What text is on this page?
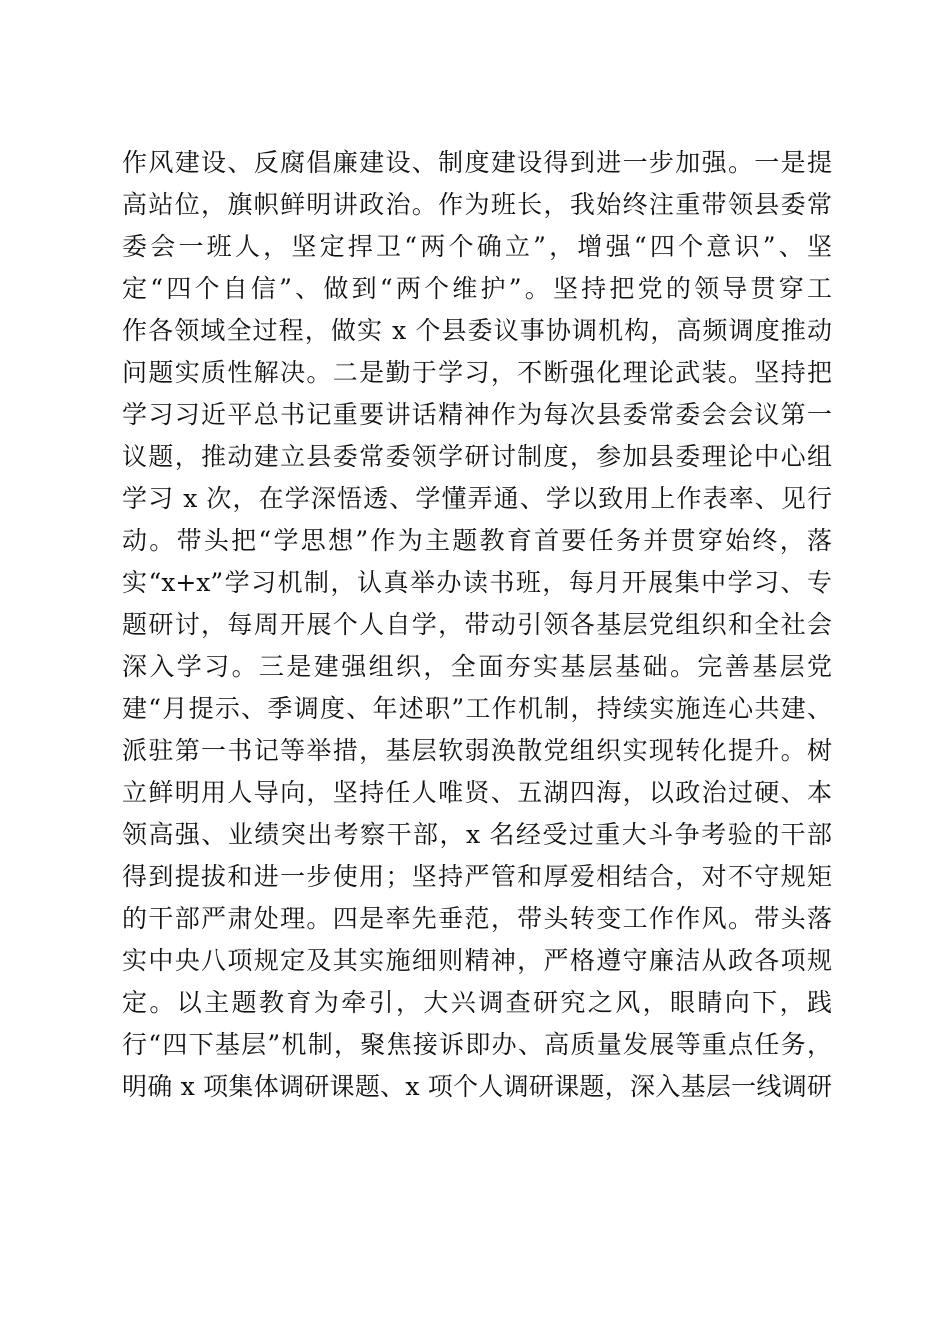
作风建设、反腐倡廉建设、制度建设得到进一步加强。一是提
高站位，旗帜鲜明讲政治。作为班长，我始终注重带领县委常
委会一班人，坚定捍卫“两个确立”，增强“四个意识”、坚
定“四个自信”、做到“两个维护”。坚持把党的领导贯穿工
作各领域全过程，做实 x 个县委议事协调机构，高频调度推动
问题实质性解决。二是勤于学习，不断强化理论武装。坚持把
学习习近平总书记重要讲话精神作为每次县委常委会会议第一
议题，推动建立县委常委领学研讨制度，参加县委理论中心组
学习 x 次，在学深悟透、学懂弄通、学以致用上作表率、见行
动。带头把“学思想”作为主题教育首要任务并贯穿始终，落
实“x+x”学习机制，认真举办读书班，每月开展集中学习、专
题研讨，每周开展个人自学，带动引领各基层党组织和全社会
深入学习。三是建强组织，全面夯实基层基础。完善基层党
建“月提示、季调度、年述职”工作机制，持续实施连心共建、
派驻第一书记等举措，基层软弱涣散党组织实现转化提升。树
立鲜明用人导向，坚持任人唯贤、五湖四海，以政治过硬、本
领高强、业绩突出考察干部，x 名经受过重大斗争考验的干部
得到提拔和进一步使用；坚持严管和厚爱相结合，对不守规矩
的干部严肃处理。四是率先垂范，带头转变工作作风。带头落
实中央八项规定及其实施细则精神，严格遵守廉洁从政各项规
定。以主题教育为牵引，大兴调查研究之风，眼睛向下，践
行“四下基层”机制，聚焦接诉即办、高质量发展等重点任务，
明确 x 项集体调研课题、x 项个人调研课题，深入基层一线调研
